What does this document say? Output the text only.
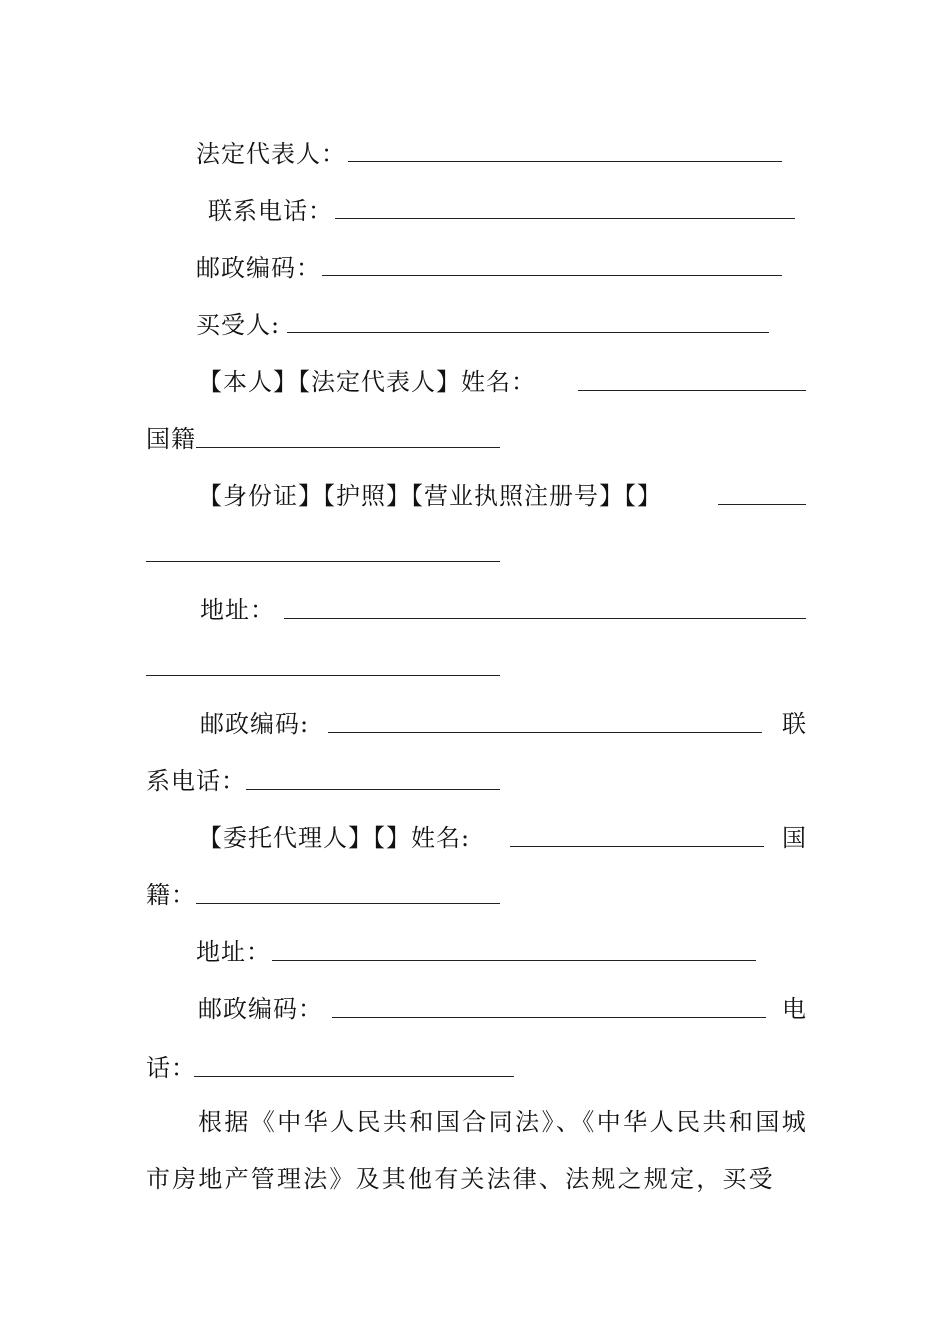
法定代表人：
联系电话：
邮政编码：
买受人:
【本人】【法定代表人】姓名：
国籍
【身份证】【护照】【营业执照注册号】【】
地址：
邮政编码:	联
系电话：
【委托代理人】【】姓名:	国
籍：
地址：
邮政编码：	电
话：

根据《中华人民共和国合同法》、《中华人民共和国城市房地产管理法》及其他有关法律、法规之规定，买受
